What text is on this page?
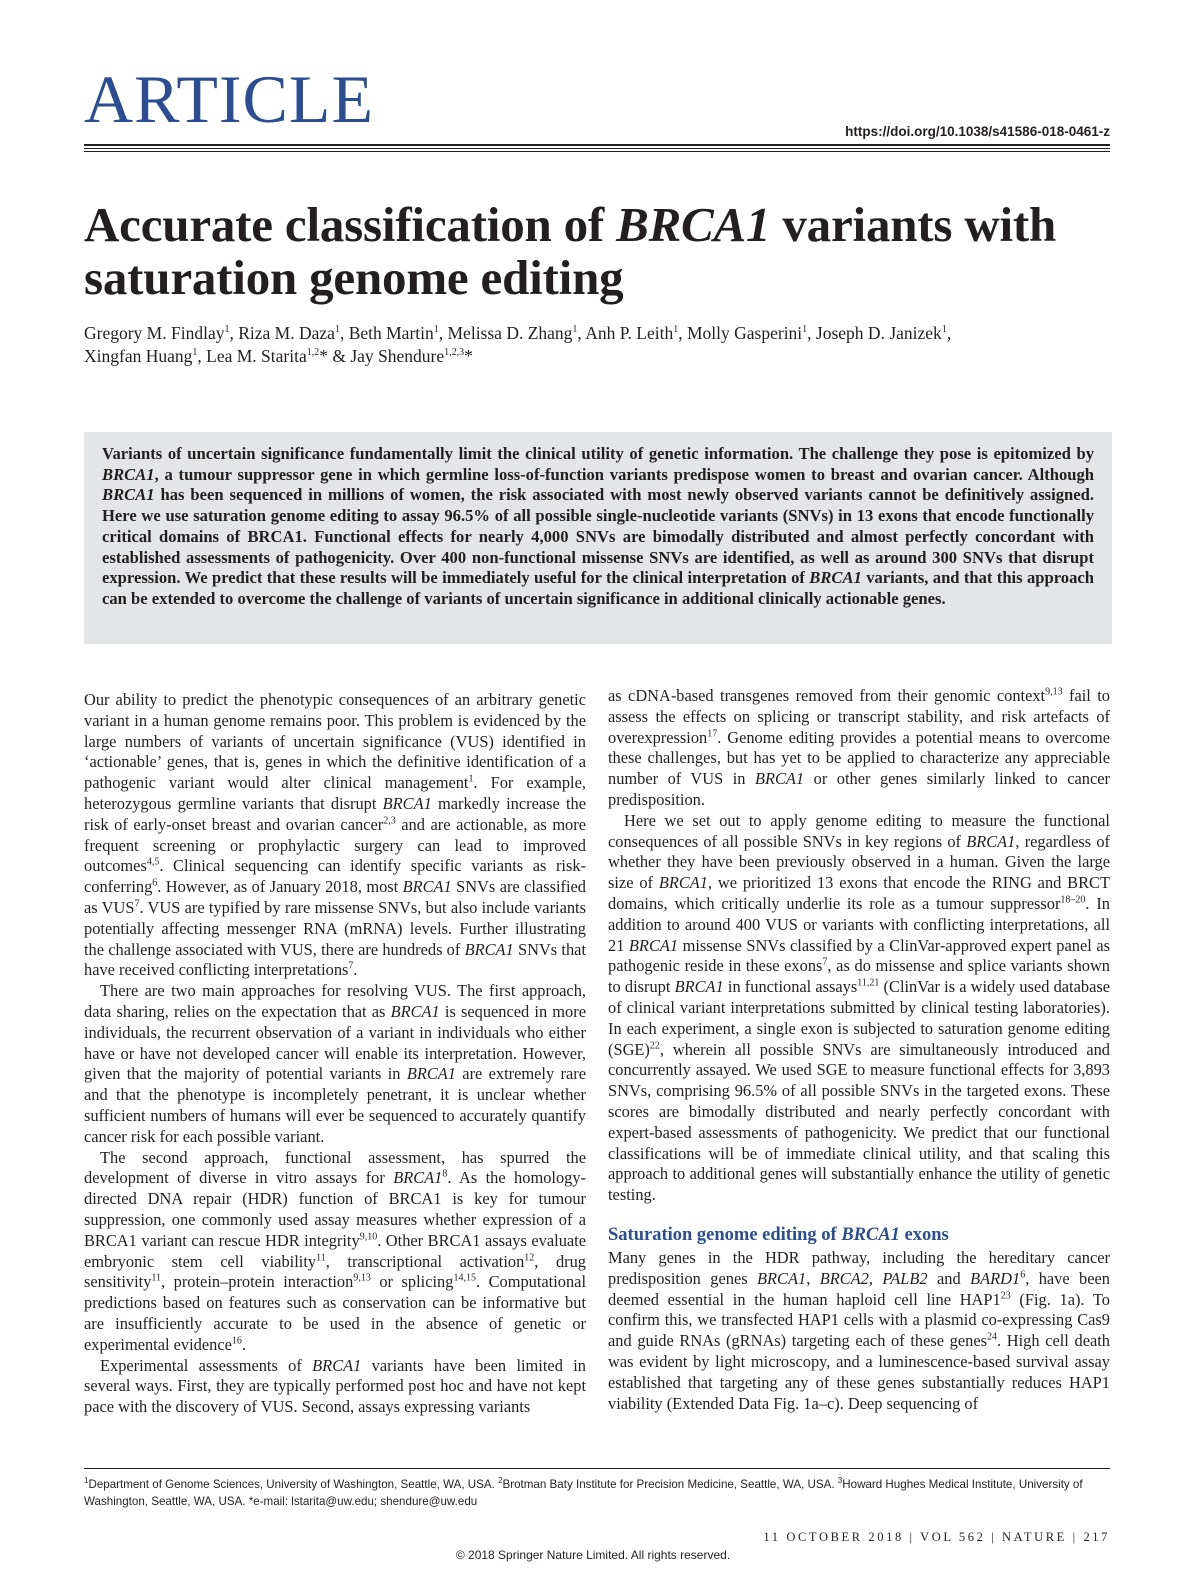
ARTICLE	https://doi.org/10.1038/s41586-018-0461-z
Accurate classification of BRCA1 variants with saturation genome editing
Gregory M. Findlay$^1$, Riza M. Daza$^1$, Beth Martin$^1$, Melissa D. Zhang$^1$, Anh P. Leith$^1$, Molly Gasperini$^1$, Joseph D. Janizek$^1$,
Xingfan Huang$^1$, Lea M. Starita$^{1,2}$* & Jay Shendure$^{1,2,3}$*

Variants of uncertain significance fundamentally limit the clinical utility of genetic information. The challenge they pose is epitomized by BRCA1, a tumour suppressor gene in which germline loss-of-function variants predispose women to breast and ovarian cancer. Although BRCA1 has been sequenced in millions of women, the risk associated with most newly observed variants cannot be definitively assigned. Here we use saturation genome editing to assay 96.5% of all possible single-nucleotide variants (SNVs) in 13 exons that encode functionally critical domains of BRCA1. Functional effects for nearly 4,000 SNVs are bimodally distributed and almost perfectly concordant with established assessments of pathogenicity. Over 400 non-functional missense SNVs are identified, as well as around 300 SNVs that disrupt expression. We predict that these results will be immediately useful for the clinical interpretation of BRCA1 variants, and that this approach can be extended to overcome the challenge of variants of uncertain significance in additional clinically actionable genes.

Our ability to predict the phenotypic consequences of an arbitrary genetic variant in a human genome remains poor. This problem is evidenced by the large numbers of variants of uncertain significance (VUS) identified in ‘actionable’ genes, that is, genes in which the definitive identification of a pathogenic variant would alter clinical management$^1$. For example, heterozygous germline variants that disrupt BRCA1 markedly increase the risk of early-onset breast and ovarian cancer$^{2,3}$ and are actionable, as more frequent screening or prophylactic surgery can lead to improved outcomes$^{4,5}$. Clinical sequencing can identify specific variants as risk-conferring$^6$. However, as of January 2018, most BRCA1 SNVs are classified as VUS$^7$. VUS are typified by rare missense SNVs, but also include variants potentially affecting messenger RNA (mRNA) levels. Further illustrating the challenge associated with VUS, there are hundreds of BRCA1 SNVs that have received conflicting interpretations$^7$.

There are two main approaches for resolving VUS. The first approach, data sharing, relies on the expectation that as BRCA1 is sequenced in more individuals, the recurrent observation of a variant in individuals who either have or have not developed cancer will enable its interpretation. However, given that the majority of potential variants in BRCA1 are extremely rare and that the phenotype is incompletely penetrant, it is unclear whether sufficient numbers of humans will ever be sequenced to accurately quantify cancer risk for each possible variant.

The second approach, functional assessment, has spurred the development of diverse in vitro assays for $BRCA1^8$. As the homology-directed DNA repair (HDR) function of BRCA1 is key for tumour suppression, one commonly used assay measures whether expression of a BRCA1 variant can rescue HDR integrity$^{9,10}$. Other BRCA1 assays evaluate embryonic stem cell viability$^{11}$, transcriptional activation$^{12}$, drug sensitivity$^{11}$, protein–protein interaction$^{9,13}$ or splicing$^{14,15}$. Computational predictions based on features such as conservation can be informative but are insufficiently accurate to be used in the absence of genetic or experimental evidence$^{16}$.

Experimental assessments of BRCA1 variants have been limited in several ways. First, they are typically performed post hoc and have not kept pace with the discovery of VUS. Second, assays expressing variants

as cDNA-based transgenes removed from their genomic context$^{9,13}$ fail to assess the effects on splicing or transcript stability, and risk artefacts of overexpression$^{17}$. Genome editing provides a potential means to overcome these challenges, but has yet to be applied to characterize any appreciable number of VUS in BRCA1 or other genes similarly linked to cancer predisposition.

Here we set out to apply genome editing to measure the functional consequences of all possible SNVs in key regions of BRCA1, regardless of whether they have been previously observed in a human. Given the large size of BRCA1, we prioritized 13 exons that encode the RING and BRCT domains, which critically underlie its role as a tumour suppressor$^{18-20}$. In addition to around 400 VUS or variants with conflicting interpretations, all 21 BRCA1 missense SNVs classified by a ClinVar-approved expert panel as pathogenic reside in these exons$^7$, as do missense and splice variants shown to disrupt BRCA1 in functional assays$^{11,21}$ (ClinVar is a widely used database of clinical variant interpretations submitted by clinical testing laboratories). In each experiment, a single exon is subjected to saturation genome editing (SGE)$^{22}$, wherein all possible SNVs are simultaneously introduced and concurrently assayed. We used SGE to measure functional effects for 3,893 SNVs, comprising 96.5% of all possible SNVs in the targeted exons. These scores are bimodally distributed and nearly perfectly concordant with expert-based assessments of pathogenicity. We predict that our functional classifications will be of immediate clinical utility, and that scaling this approach to additional genes will substantially enhance the utility of genetic testing.

Saturation genome editing of BRCA1 exons

Many genes in the HDR pathway, including the hereditary cancer predisposition genes BRCA1, BRCA2, PALB2 and $BARD1^6$, have been deemed essential in the human haploid cell line $HAP1^{23}$ (Fig. 1a). To confirm this, we transfected HAP1 cells with a plasmid co-expressing Cas9 and guide RNAs (gRNAs) targeting each of these genes$^{24}$. High cell death was evident by light microscopy, and a luminescence-based survival assay established that targeting any of these genes substantially reduces HAP1 viability (Extended Data Fig. 1a–c). Deep sequencing of

$^1$Department of Genome Sciences, University of Washington, Seattle, WA, USA. $^2$Brotman Baty Institute for Precision Medicine, Seattle, WA, USA. $^3$Howard Hughes Medical Institute, University of Washington, Seattle, WA, USA. *e-mail: lstarita@uw.edu; shendure@uw.edu
11 OCTOBER 2018 | VOL 562 | NATURE | 217
© 2018 Springer Nature Limited. All rights reserved.
